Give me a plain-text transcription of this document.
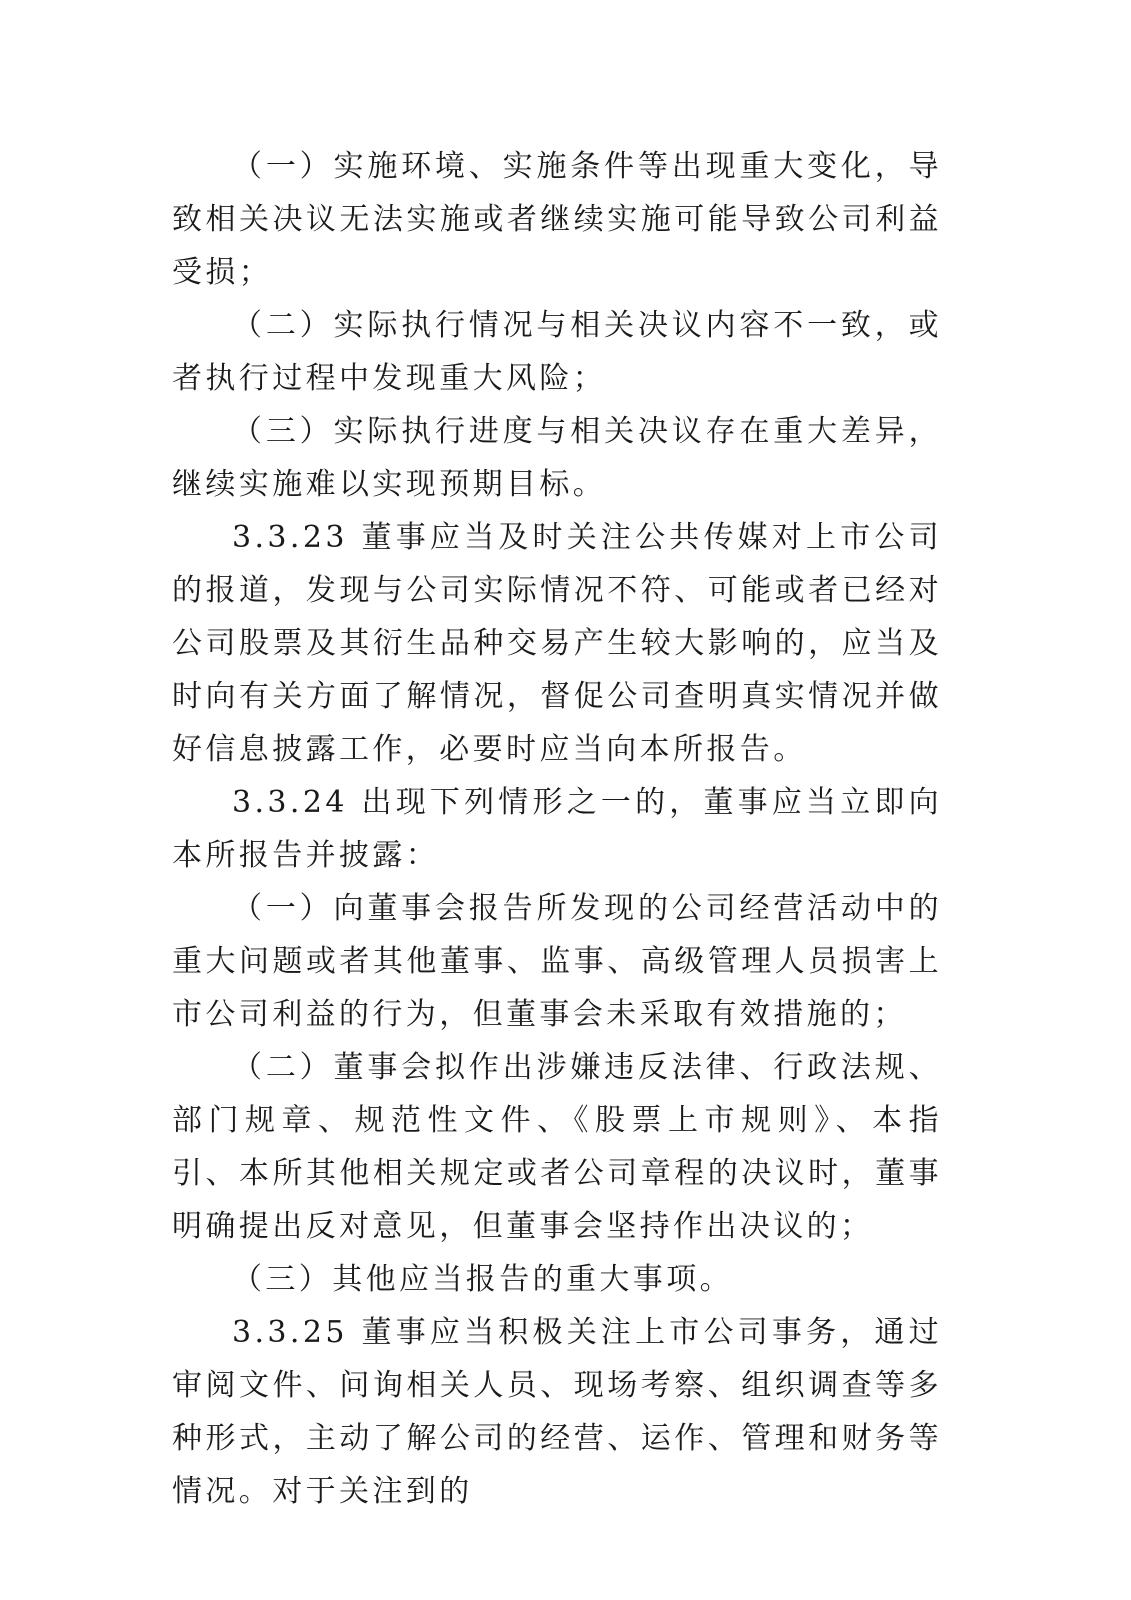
（一）实施环境、实施条件等出现重大变化，导致相关决议无法实施或者继续实施可能导致公司利益受损；

（二）实际执行情况与相关决议内容不一致，或者执行过程中发现重大风险；

（三）实际执行进度与相关决议存在重大差异，继续实施难以实现预期目标。

3.3.23 董事应当及时关注公共传媒对上市公司的报道，发现与公司实际情况不符、可能或者已经对公司股票及其衍生品种交易产生较大影响的，应当及时向有关方面了解情况，督促公司查明真实情况并做好信息披露工作，必要时应当向本所报告。

3.3.24 出现下列情形之一的，董事应当立即向本所报告并披露：

（一）向董事会报告所发现的公司经营活动中的重大问题或者其他董事、监事、高级管理人员损害上市公司利益的行为，但董事会未采取有效措施的；

（二）董事会拟作出涉嫌违反法律、行政法规、部门规章、规范性文件、《股票上市规则》、本指引、本所其他相关规定或者公司章程的决议时，董事明确提出反对意见，但董事会坚持作出决议的；

（三）其他应当报告的重大事项。

3.3.25 董事应当积极关注上市公司事务，通过审阅文件、问询相关人员、现场考察、组织调查等多种形式，主动了解公司的经营、运作、管理和财务等情况。对于关注到的
